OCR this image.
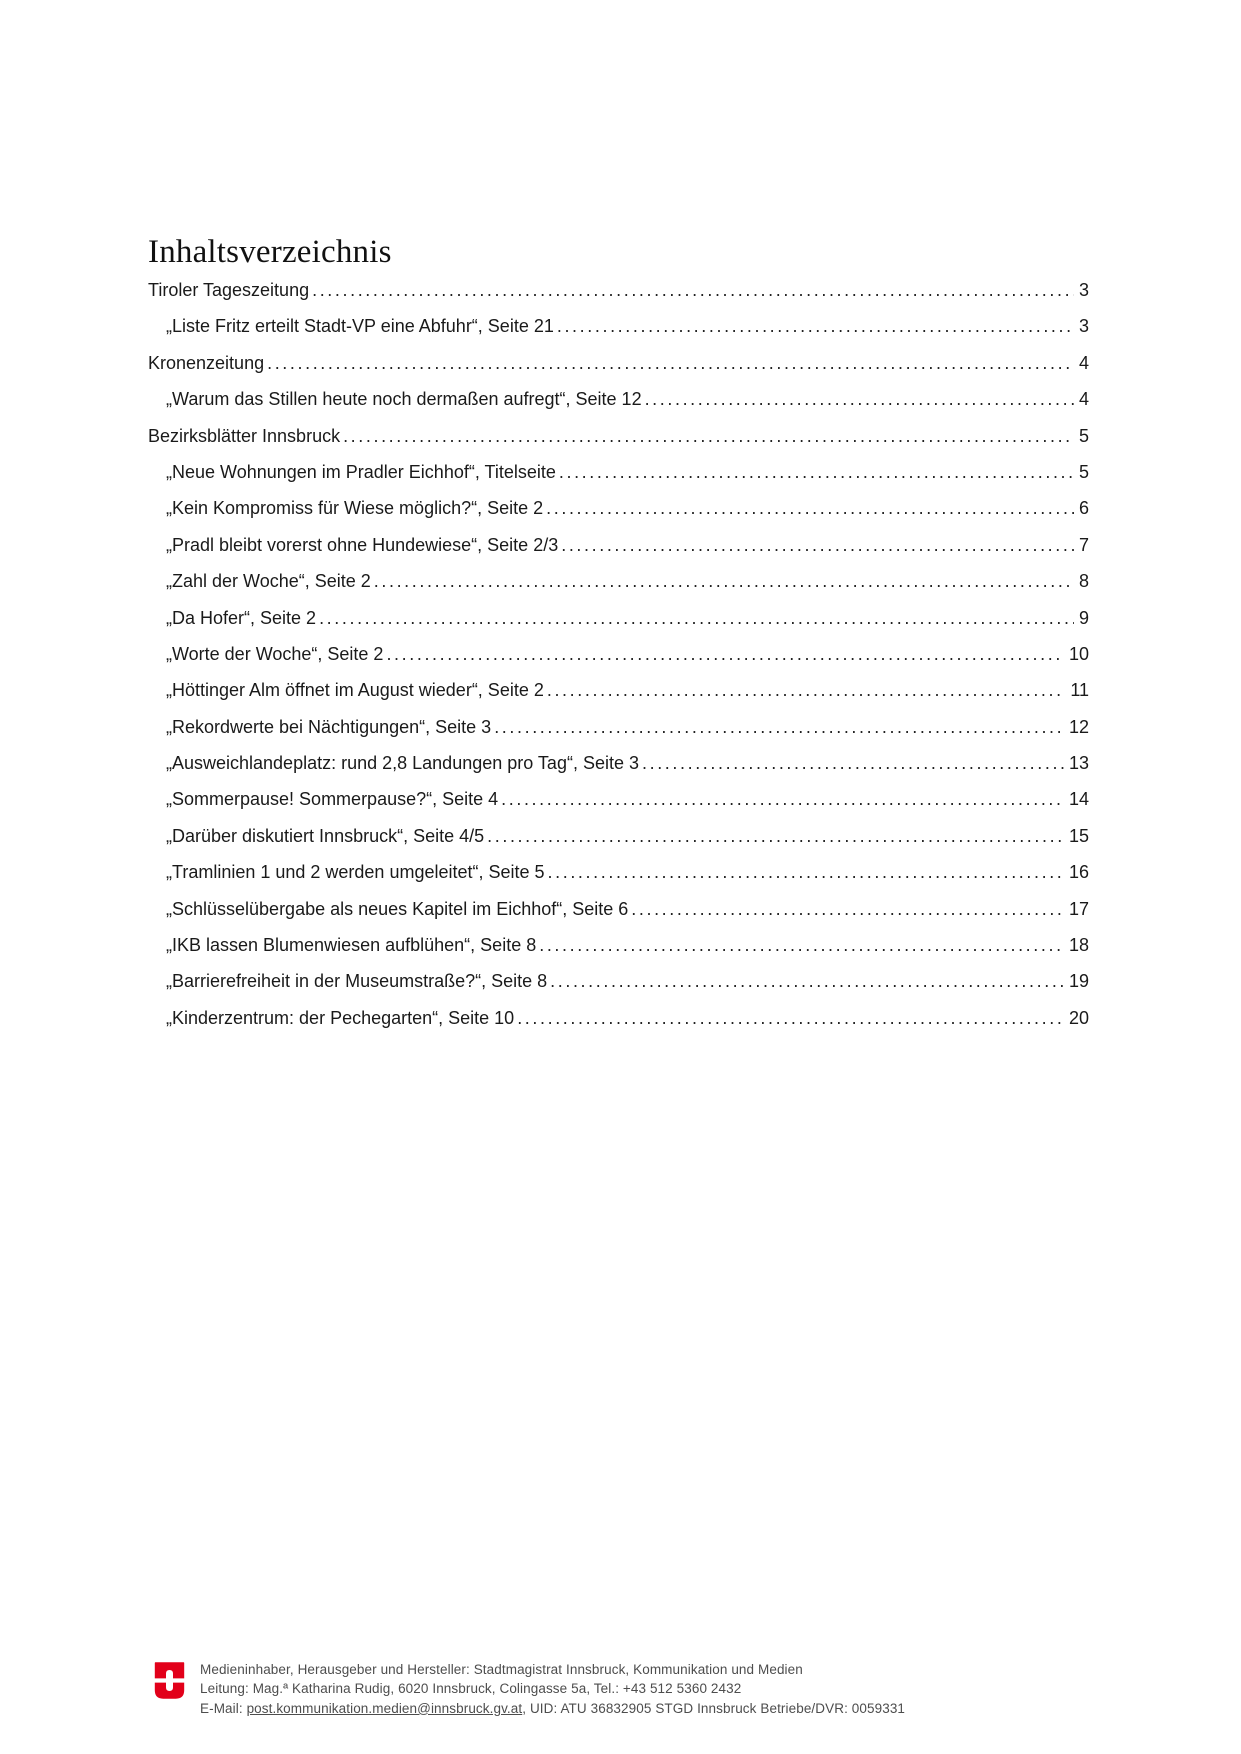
Inhaltsverzeichnis
Tiroler Tageszeitung .....	3
„Liste Fritz erteilt Stadt-VP eine Abfuhr“, Seite 21 .....	3
Kronenzeitung .....	4
„Warum das Stillen heute noch dermaßen aufregt“, Seite 12 .....	4
Bezirksblätter Innsbruck .....	5
„Neue Wohnungen im Pradler Eichhof“, Titelseite .....	5
„Kein Kompromiss für Wiese möglich?“, Seite 2 .....	6
„Pradl bleibt vorerst ohne Hundewiese“, Seite 2/3 .....	7
„Zahl der Woche“, Seite 2 .....	8
„Da Hofer“, Seite 2 .....	9
„Worte der Woche“, Seite 2 .....	10
„Höttinger Alm öffnet im August wieder“, Seite 2 .....	11
„Rekordwerte bei Nächtigungen“, Seite 3 .....	12
„Ausweichlandeplatz: rund 2,8 Landungen pro Tag“, Seite 3 .....	13
„Sommerpause! Sommerpause?“, Seite 4 .....	14
„Darüber diskutiert Innsbruck“, Seite 4/5 .....	15
„Tramlinien 1 und 2 werden umgeleitet“, Seite 5 .....	16
„Schlüsselübergabe als neues Kapitel im Eichhof“, Seite 6 .....	17
„IKB lassen Blumenwiesen aufblühen“, Seite 8 .....	18
„Barrierefreiheit in der Museumstraße?“, Seite 8 .....	19
„Kinderzentrum: der Pechegarten“, Seite 10 .....	20
Medieninhaber, Herausgeber und Hersteller: Stadtmagistrat Innsbruck, Kommunikation und Medien
Leitung: Mag.ª Katharina Rudig, 6020 Innsbruck, Colingasse 5a, Tel.: +43 512 5360 2432
E-Mail: post.kommunikation.medien@innsbruck.gv.at, UID: ATU 36832905 STGD Innsbruck Betriebe/DVR: 0059331
